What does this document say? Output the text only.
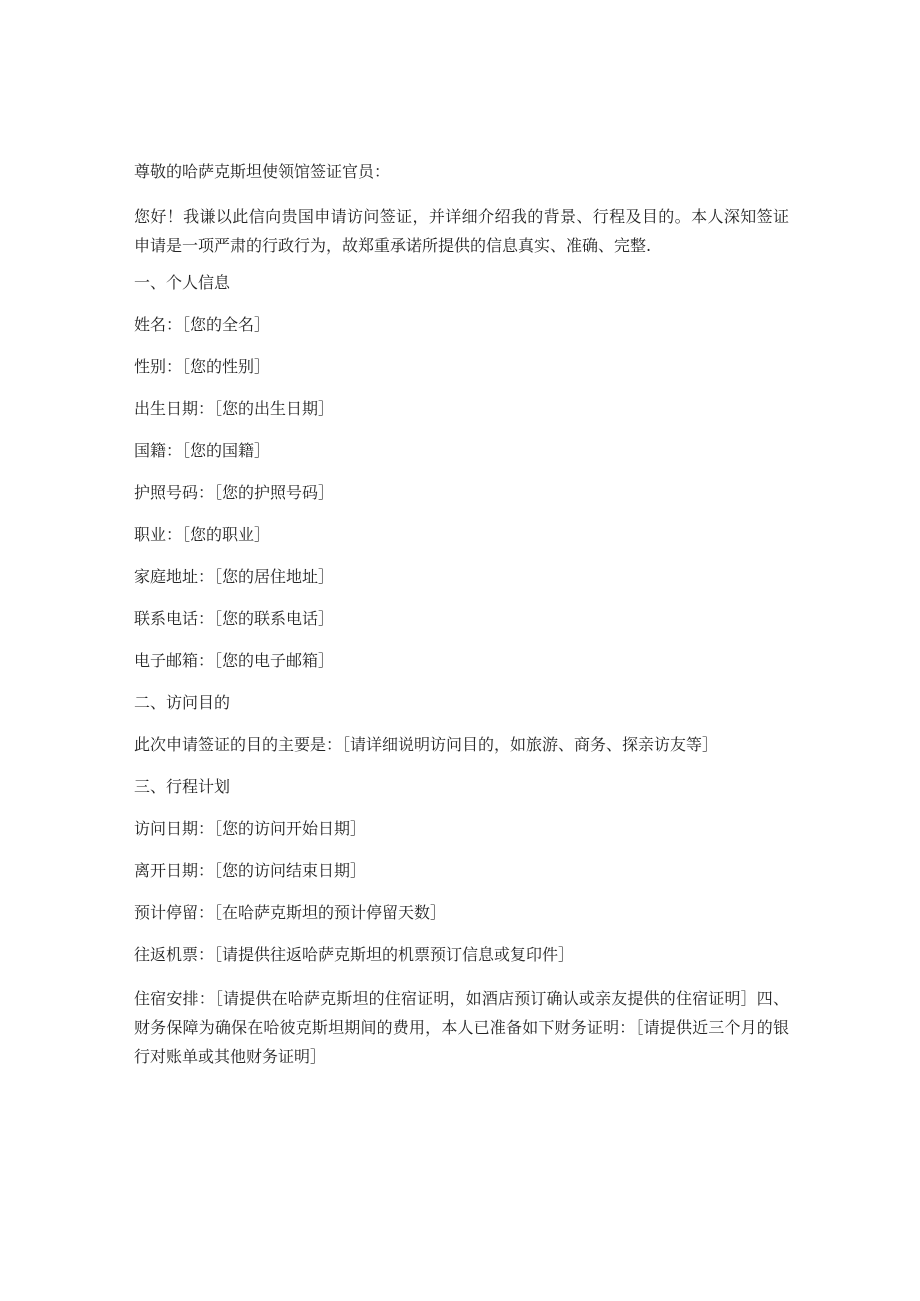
尊敬的哈萨克斯坦使领馆签证官员：
您好！我谦以此信向贵国申请访问签证，并详细介绍我的背景、行程及目的。本人深知签证申请是一项严肃的行政行为，故郑重承诺所提供的信息真实、准确、完整.
一、个人信息
姓名：［您的全名］
性别：［您的性别］
出生日期：［您的出生日期］
国籍：［您的国籍］
护照号码：［您的护照号码］
职业：［您的职业］
家庭地址：［您的居住地址］
联系电话：［您的联系电话］
电子邮箱：［您的电子邮箱］
二、访问目的
此次申请签证的目的主要是：［请详细说明访问目的，如旅游、商务、探亲访友等］
三、行程计划
访问日期：［您的访问开始日期］
离开日期：［您的访问结束日期］
预计停留：［在哈萨克斯坦的预计停留天数］
往返机票：［请提供往返哈萨克斯坦的机票预订信息或复印件］
住宿安排：［请提供在哈萨克斯坦的住宿证明，如酒店预订确认或亲友提供的住宿证明］四、财务保障为确保在哈彼克斯坦期间的费用，本人已准备如下财务证明：［请提供近三个月的银行对账单或其他财务证明］
